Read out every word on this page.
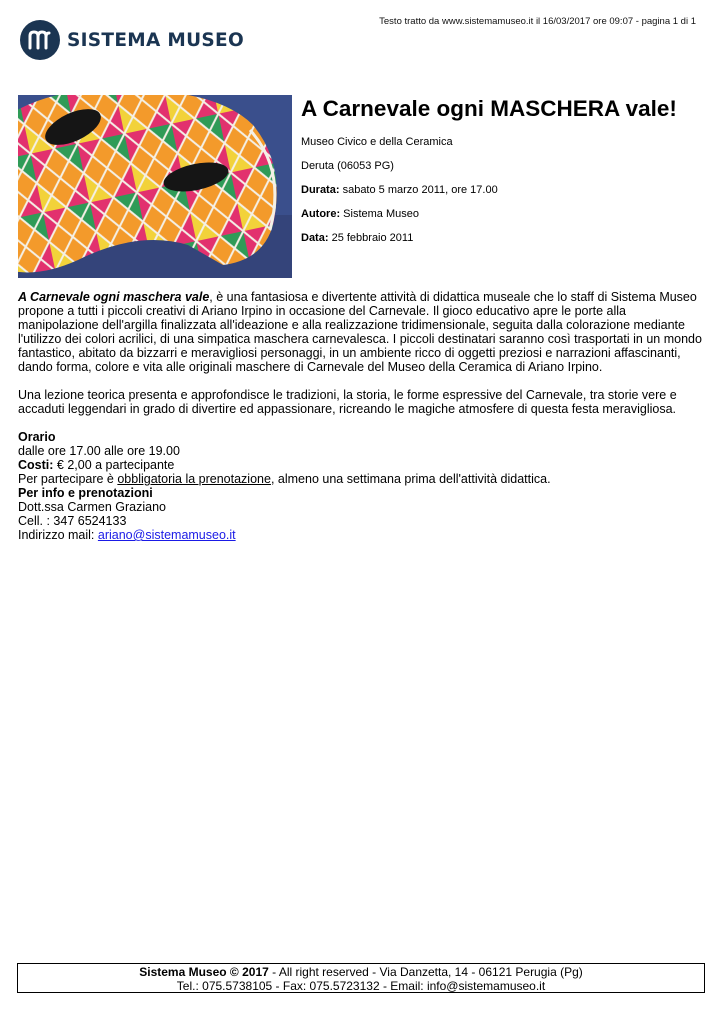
Testo tratto da www.sistemamuseo.it il 16/03/2017 ore 09:07 - pagina 1 di 1
SISTEMA MUSEO
A Carnevale ogni MASCHERA vale!

Museo Civico e della Ceramica

Deruta (06053 PG)

Durata: sabato 5 marzo 2011, ore 17.00

Autore: Sistema Museo

Data: 25 febbraio 2011

A Carnevale ogni maschera vale, è una fantasiosa e divertente attività di didattica museale che lo staff di Sistema Museo propone a tutti i piccoli creativi di Ariano Irpino in occasione del Carnevale. Il gioco educativo apre le porte alla manipolazione dell'argilla finalizzata all'ideazione e alla realizzazione tridimensionale, seguita dalla colorazione mediante l'utilizzo dei colori acrilici, di una simpatica maschera carnevalesca. I piccoli destinatari saranno così trasportati in un mondo fantastico, abitato da bizzarri e meravigliosi personaggi, in un ambiente ricco di oggetti preziosi e narrazioni affascinanti, dando forma, colore e vita alle originali maschere di Carnevale del Museo della Ceramica di Ariano Irpino.

Una lezione teorica presenta e approfondisce le tradizioni, la storia, le forme espressive del Carnevale, tra storie vere e accaduti leggendari in grado di divertire ed appassionare, ricreando le magiche atmosfere di questa festa meravigliosa.

Orario
dalle ore 17.00 alle ore 19.00
Costi: € 2,00 a partecipante
Per partecipare è obbligatoria la prenotazione, almeno una settimana prima dell'attività didattica.
Per info e prenotazioni
Dott.ssa Carmen Graziano
Cell. : 347 6524133
Indirizzo mail: ariano@sistemamuseo.it
Sistema Museo © 2017 - All right reserved - Via Danzetta, 14 - 06121 Perugia (Pg)
Tel.: 075.5738105 - Fax: 075.5723132 - Email: info@sistemamuseo.it
